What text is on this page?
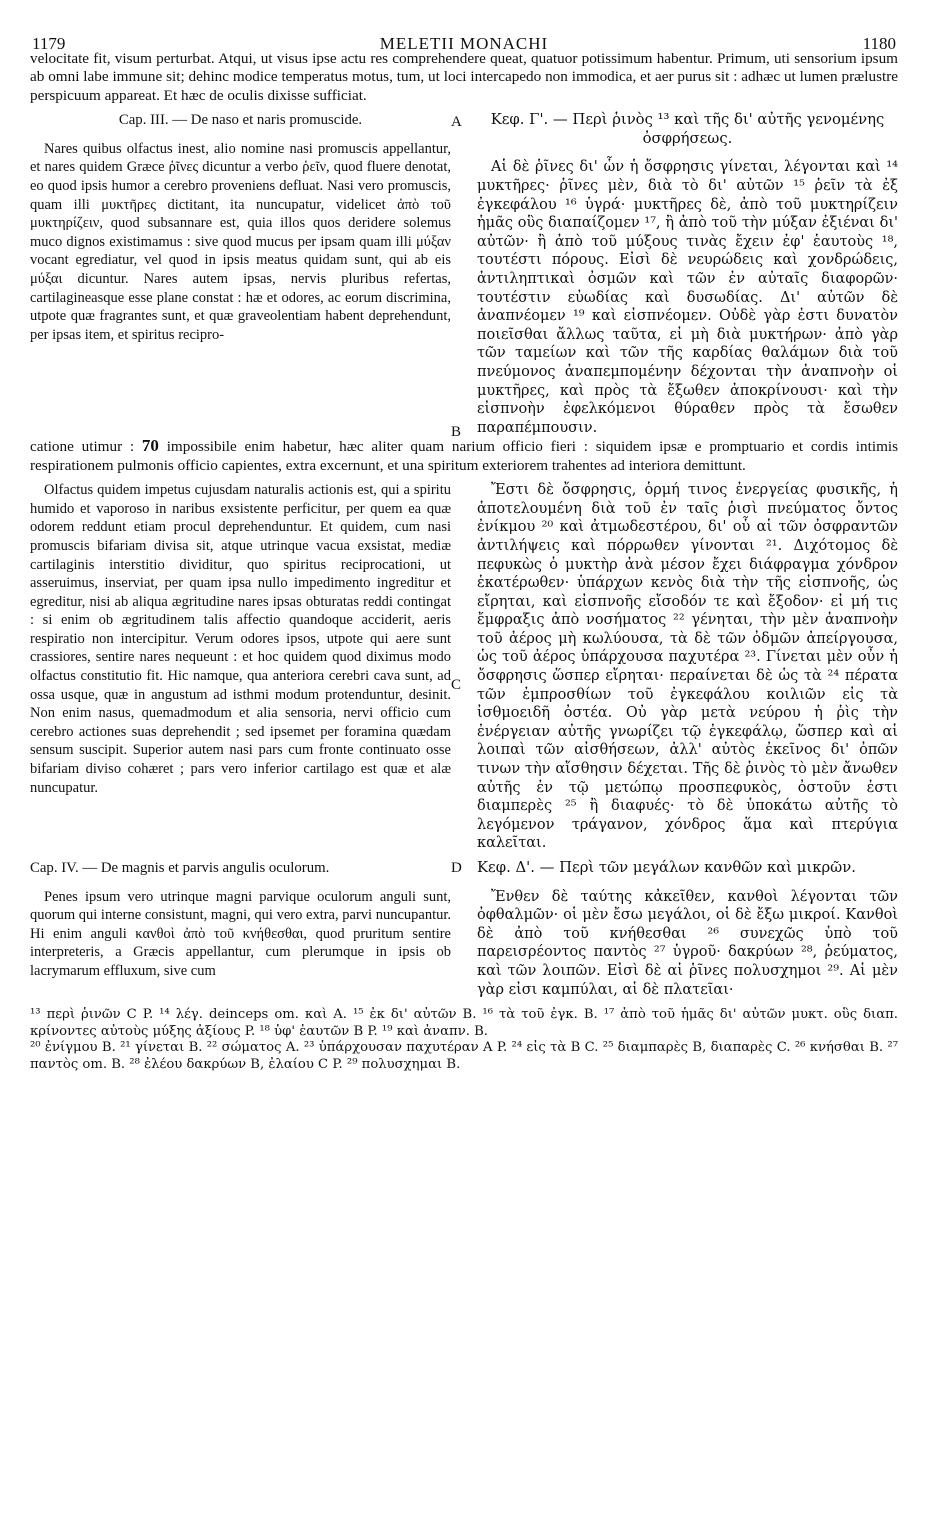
1179	MELETII MONACHI	1180

velocitate fit, visum perturbat. Atqui, ut visus ipse actu res comprehendere queat, quatuor potissimum habentur. Primum, uti sensorium ipsum ab omni labe immune sit; dehinc modice temperatus motus, tum, ut loci intercapedo non immodica, et aer purus sit : adhæc ut lumen prælustre perspicuum appareat. Et hæc de oculis dixisse sufficiat.

Cap. III. — De naso et naris promuscide.

Nares quibus olfactus inest, alio nomine nasi promuscis appellantur, et nares quidem Græce ῥῖνες dicuntur a verbo ῥεῖν, quod fluere denotat, eo quod ipsis humor a cerebro proveniens defluat. Nasi vero promuscis, quam illi μυκτῆρες dictitant, ita nuncupatur, videlicet ἀπὸ τοῦ μυκτηρίζειν, quod subsannare est, quia illos quos deridere solemus muco dignos existimamus : sive quod mucus per ipsam quam illi μύξαν vocant egrediatur, vel quod in ipsis meatus quidam sunt, qui ab eis μύξαι dicuntur. Nares autem ipsas, nervis pluribus refertas, cartilagineasque esse plane constat : hæ et odores, ac eorum discrimina, utpote quæ fragrantes sunt, et quæ graveolentiam habent deprehendunt, per ipsas item, et spiritus recipro-

A	Κεφ. Γ'. — Περὶ ῥινὸς ¹³ καὶ τῆς δι' αὐτῆς γενομένης ὀσφρήσεως.

Αἱ δὲ ῥῖνες δι' ὧν ἡ ὄσφρησις γίνεται, λέγονται καὶ ¹⁴ μυκτῆρες· ῥῖνες μὲν, διὰ τὸ δι' αὐτῶν ¹⁵ ῥεῖν τὰ ἐξ ἐγκεφάλου ¹⁶ ὑγρά· μυκτῆρες δὲ, ἀπὸ τοῦ μυκτηρίζειν ἡμᾶς οὓς διαπαίζομεν ¹⁷, ἢ ἀπὸ τοῦ τὴν μύξαν ἐξιέναι δι' αὐτῶν· ἢ ἀπὸ τοῦ μύξους τινὰς ἔχειν ἐφ' ἑαυτοὺς ¹⁸, τουτέστι πόρους. Εἰσὶ δὲ νευρώδεις καὶ χονδρώδεις, ἀντιληπτικαὶ ὀσμῶν καὶ τῶν ἐν αὐταῖς διαφορῶν· τουτέστιν εὐωδίας καὶ δυσωδίας. Δι' αὐτῶν δὲ ἀναπνέομεν ¹⁹ καὶ εἰσπνέομεν. Οὐδὲ γὰρ ἐστι δυνατὸν ποιεῖσθαι ἄλλως ταῦτα, εἰ μὴ διὰ μυκτήρων· ἀπὸ γὰρ τῶν ταμείων καὶ τῶν τῆς καρδίας θαλάμων διὰ τοῦ πνεύμονος ἀναπεμπομένην δέχονται τὴν ἀναπνοὴν οἱ μυκτῆρες, καὶ πρὸς τὰ ἔξωθεν ἀποκρίνουσι· καὶ τὴν εἰσπνοὴν ἐφελκόμενοι θύραθεν πρὸς τὰ ἔσωθεν παραπέμπουσιν.

B

catione utimur : 70 impossibile enim habetur, hæc aliter quam narium officio fieri : siquidem ipsæ e promptuario et cordis intimis respirationem pulmonis officio capientes, extra excernunt, et una spiritum exteriorem trahentes ad interiora demittunt.

Olfactus quidem impetus cujusdam naturalis actionis est, qui a spiritu humido et vaporoso in naribus exsistente perficitur, per quem ea quæ odorem reddunt etiam procul deprehenduntur. Et quidem, cum nasi promuscis bifariam divisa sit, atque utrinque vacua exsistat, mediæ cartilaginis interstitio dividitur, quo spiritus reciprocationi, ut asseruimus, inserviat, per quam ipsa nullo impedimento ingreditur et egreditur, nisi ab aliqua ægritudine nares ipsas obturatas reddi contingat : si enim ob ægritudinem talis affectio quandoque acciderit, aeris respiratio non intercipitur. Verum odores ipsos, utpote qui aere sunt crassiores, sentire nares nequeunt : et hoc quidem quod diximus modo olfactus constitutio fit. Hic namque, qua anteriora cerebri cava sunt, ad ossa usque, quæ in angustum ad isthmi modum protenduntur, desinit. Non enim nasus, quemadmodum et alia sensoria, nervi officio cum cerebro actiones suas deprehendit ; sed ipsemet per foramina quædam sensum suscipit. Superior autem nasi pars cum fronte continuato osse bifariam diviso cohæret ; pars vero inferior cartilago est quæ et alæ nuncupatur.

C

Ἔστι δὲ ὄσφρησις, ὁρμή τινος ἐνεργείας φυσικῆς, ἡ ἀποτελουμένη διὰ τοῦ ἐν ταῖς ῥισὶ πνεύματος ὄντος ἐνίκμου ²⁰ καὶ ἀτμωδεστέρου, δι' οὗ αἱ τῶν ὀσφραντῶν ἀντιλήψεις καὶ πόρρωθεν γίνονται ²¹. Διχότομος δὲ πεφυκὼς ὁ μυκτὴρ ἀνὰ μέσον ἔχει διάφραγμα χόνδρον ἑκατέρωθεν· ὑπάρχων κενὸς διὰ τὴν τῆς εἰσπνοῆς, ὡς εἴρηται, καὶ εἰσπνοῆς εἴσοδόν τε καὶ ἔξοδον· εἰ μή τις ἔμφραξις ἀπὸ νοσήματος ²² γένηται, τὴν μὲν ἀναπνοὴν τοῦ ἀέρος μὴ κωλύουσα, τὰ δὲ τῶν ὀδμῶν ἀπείργουσα, ὡς τοῦ ἀέρος ὑπάρχουσα παχυτέρα ²³. Γίνεται μὲν οὖν ἡ ὄσφρησις ὥσπερ εἴρηται· περαίνεται δὲ ὡς τὰ ²⁴ πέρατα τῶν ἐμπροσθίων τοῦ ἐγκεφάλου κοιλιῶν εἰς τὰ ἰσθμοειδῆ ὀστέα. Οὐ γὰρ μετὰ νεύρου ἡ ῥὶς τὴν ἐνέργειαν αὐτῆς γνωρίζει τῷ ἐγκεφάλῳ, ὥσπερ καὶ αἱ λοιπαὶ τῶν αἰσθήσεων, ἀλλ' αὐτὸς ἐκεῖνος δι' ὀπῶν τινων τὴν αἴσθησιν δέχεται. Τῆς δὲ ῥινὸς τὸ μὲν ἄνωθεν αὐτῆς ἐν τῷ μετώπῳ προσπεφυκὸς, ὀστοῦν ἐστι διαμπερὲς ²⁵ ἢ διαφυές· τὸ δὲ ὑποκάτω αὐτῆς τὸ λεγόμενον τράγανον, χόνδρος ἅμα καὶ πτερύγια καλεῖται.

Cap. IV. — De magnis et parvis angulis oculorum.

Penes ipsum vero utrinque magni parvique oculorum anguli sunt, quorum qui interne consistunt, magni, qui vero extra, parvi nuncupantur. Hi enim anguli κανθοὶ ἀπὸ τοῦ κνήθεσθαι, quod pruritum sentire interpreteris, a Græcis appellantur, cum plerumque in ipsis ob lacrymarum effluxum, sive cum

D Κεφ. Δ'. — Περὶ τῶν μεγάλων κανθῶν καὶ μικρῶν.

Ἔνθεν δὲ ταύτης κἀκεῖθεν, κανθοὶ λέγονται τῶν ὀφθαλμῶν· οἱ μὲν ἔσω μεγάλοι, οἱ δὲ ἔξω μικροί. Κανθοὶ δὲ ἀπὸ τοῦ κνήθεσθαι ²⁶ συνεχῶς ὑπὸ τοῦ παρεισρέοντος παντὸς ²⁷ ὑγροῦ· δακρύων ²⁸, ῥεύματος, καὶ τῶν λοιπῶν. Εἰσὶ δὲ αἱ ῥῖνες πολυσχημοι ²⁹. Αἱ μὲν γὰρ εἰσι καμπύλαι, αἱ δὲ πλατεῖαι·

¹³ περὶ ῥινῶν C P. ¹⁴ λέγ. deinceps om. καὶ A. ¹⁵ ἐκ δι' αὐτῶν B. ¹⁶ τὰ τοῦ ἐγκ. B. ¹⁷ ἀπὸ τοῦ ἡμᾶς δι' αὐτῶν μυκτ. οὓς διαπ. κρίνοντες αὐτοὺς μύξης ἀξίους P. ¹⁸ ὑφ' ἑαυτῶν B P. ¹⁹ καὶ ἀναπν. B.

²⁰ ἐνίγμου B. ²¹ γίνεται B. ²² σώματος A. ²³ ὑπάρχουσαν παχυτέραν A P. ²⁴ εἰς τὰ B C. ²⁵ διαμπαρὲς B, διαπαρὲς C. ²⁶ κνήσθαι B. ²⁷ παντὸς om. B. ²⁸ ἐλέου δακρύων B, ἐλαίου C P. ²⁹ πολυσχημαι B.
